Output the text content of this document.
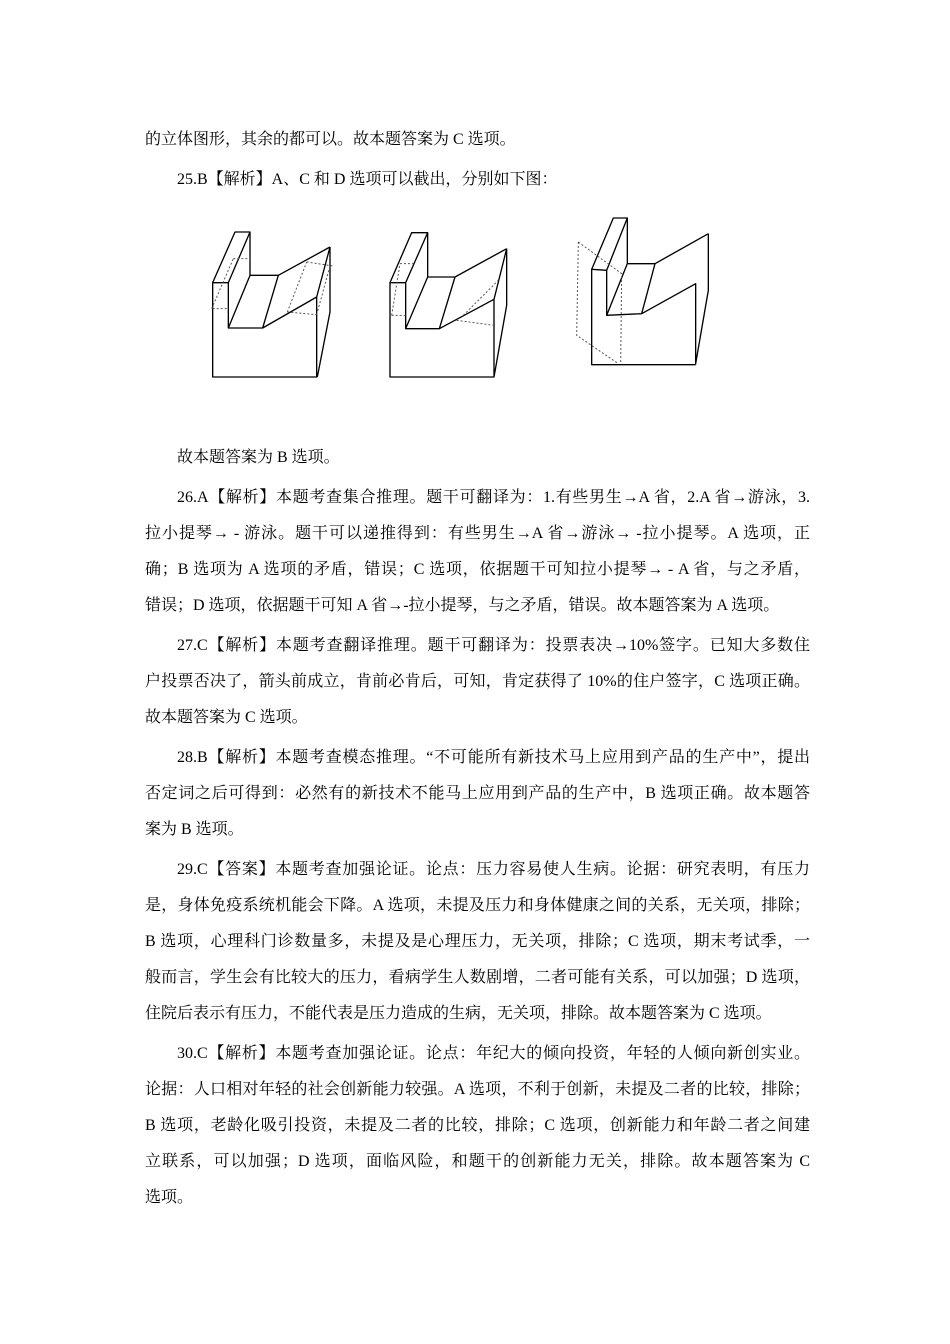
的立体图形，其余的都可以。故本题答案为 C 选项。
25.B【解析】A、C 和 D 选项可以截出，分别如下图：
故本题答案为 B 选项。
26.A【解析】本题考查集合推理。题干可翻译为：1.有些男生→A 省，2.A 省→游泳，3.
拉小提琴→ - 游泳。题干可以递推得到：有些男生→A 省→游泳→ -拉小提琴。A 选项，正
确；B 选项为 A 选项的矛盾，错误；C 选项，依据题干可知拉小提琴→ - A 省，与之矛盾，
错误；D 选项，依据题干可知 A 省→-拉小提琴，与之矛盾，错误。故本题答案为 A 选项。
27.C【解析】本题考查翻译推理。题干可翻译为：投票表决→10%签字。已知大多数住
户投票否决了，箭头前成立，肯前必肯后，可知，肯定获得了 10%的住户签字，C 选项正确。
故本题答案为 C 选项。
28.B【解析】本题考查模态推理。“不可能所有新技术马上应用到产品的生产中”，提出
否定词之后可得到：必然有的新技术不能马上应用到产品的生产中，B 选项正确。故本题答
案为 B 选项。
29.C【答案】本题考查加强论证。论点：压力容易使人生病。论据：研究表明，有压力
是，身体免疫系统机能会下降。A 选项，未提及压力和身体健康之间的关系，无关项，排除；
B 选项，心理科门诊数量多，未提及是心理压力，无关项，排除；C 选项，期末考试季，一
般而言，学生会有比较大的压力，看病学生人数剧增，二者可能有关系，可以加强；D 选项，
住院后表示有压力，不能代表是压力造成的生病，无关项，排除。故本题答案为 C 选项。
30.C【解析】本题考查加强论证。论点：年纪大的倾向投资，年轻的人倾向新创实业。
论据：人口相对年轻的社会创新能力较强。A 选项，不利于创新，未提及二者的比较，排除；
B 选项，老龄化吸引投资，未提及二者的比较，排除；C 选项，创新能力和年龄二者之间建
立联系，可以加强；D 选项，面临风险，和题干的创新能力无关，排除。故本题答案为 C
选项。
